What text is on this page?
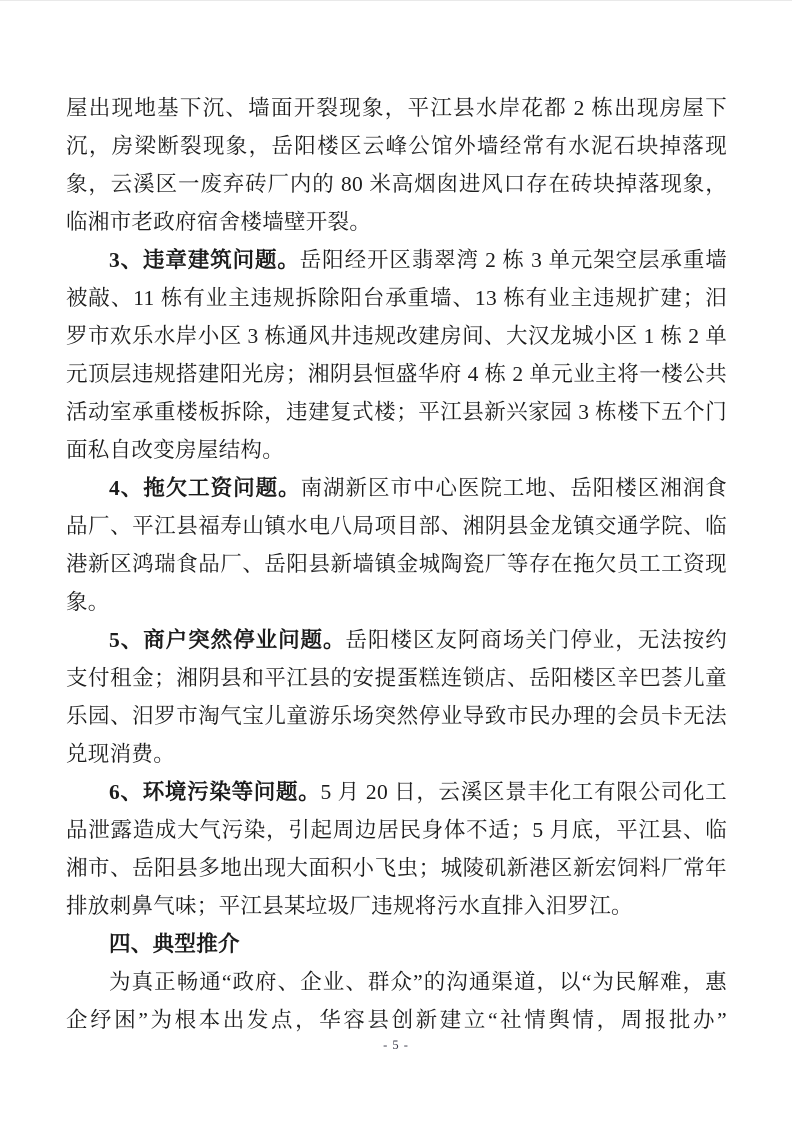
屋出现地基下沉、墙面开裂现象，平江县水岸花都 2 栋出现房屋下沉，房梁断裂现象，岳阳楼区云峰公馆外墙经常有水泥石块掉落现象，云溪区一废弃砖厂内的 80 米高烟囱进风口存在砖块掉落现象，临湘市老政府宿舍楼墙壁开裂。

3、违章建筑问题。岳阳经开区翡翠湾 2 栋 3 单元架空层承重墙被敲、11 栋有业主违规拆除阳台承重墙、13 栋有业主违规扩建；汨罗市欢乐水岸小区 3 栋通风井违规改建房间、大汉龙城小区 1 栋 2 单元顶层违规搭建阳光房；湘阴县恒盛华府 4 栋 2 单元业主将一楼公共活动室承重楼板拆除，违建复式楼；平江县新兴家园 3 栋楼下五个门面私自改变房屋结构。

4、拖欠工资问题。南湖新区市中心医院工地、岳阳楼区湘润食品厂、平江县福寿山镇水电八局项目部、湘阴县金龙镇交通学院、临港新区鸿瑞食品厂、岳阳县新墙镇金城陶瓷厂等存在拖欠员工工资现象。

5、商户突然停业问题。岳阳楼区友阿商场关门停业，无法按约支付租金；湘阴县和平江县的安提蛋糕连锁店、岳阳楼区辛巴荟儿童乐园、汨罗市淘气宝儿童游乐场突然停业导致市民办理的会员卡无法兑现消费。

6、环境污染等问题。5 月 20 日，云溪区景丰化工有限公司化工品泄露造成大气污染，引起周边居民身体不适；5 月底，平江县、临湘市、岳阳县多地出现大面积小飞虫；城陵矶新港区新宏饲料厂常年排放刺鼻气味；平江县某垃圾厂违规将污水直排入汨罗江。

四、典型推介

为真正畅通“政府、企业、群众”的沟通渠道，以“为民解难，惠企纾困”为根本出发点，华容县创新建立“社情舆情，周报批办”

- 5 -
